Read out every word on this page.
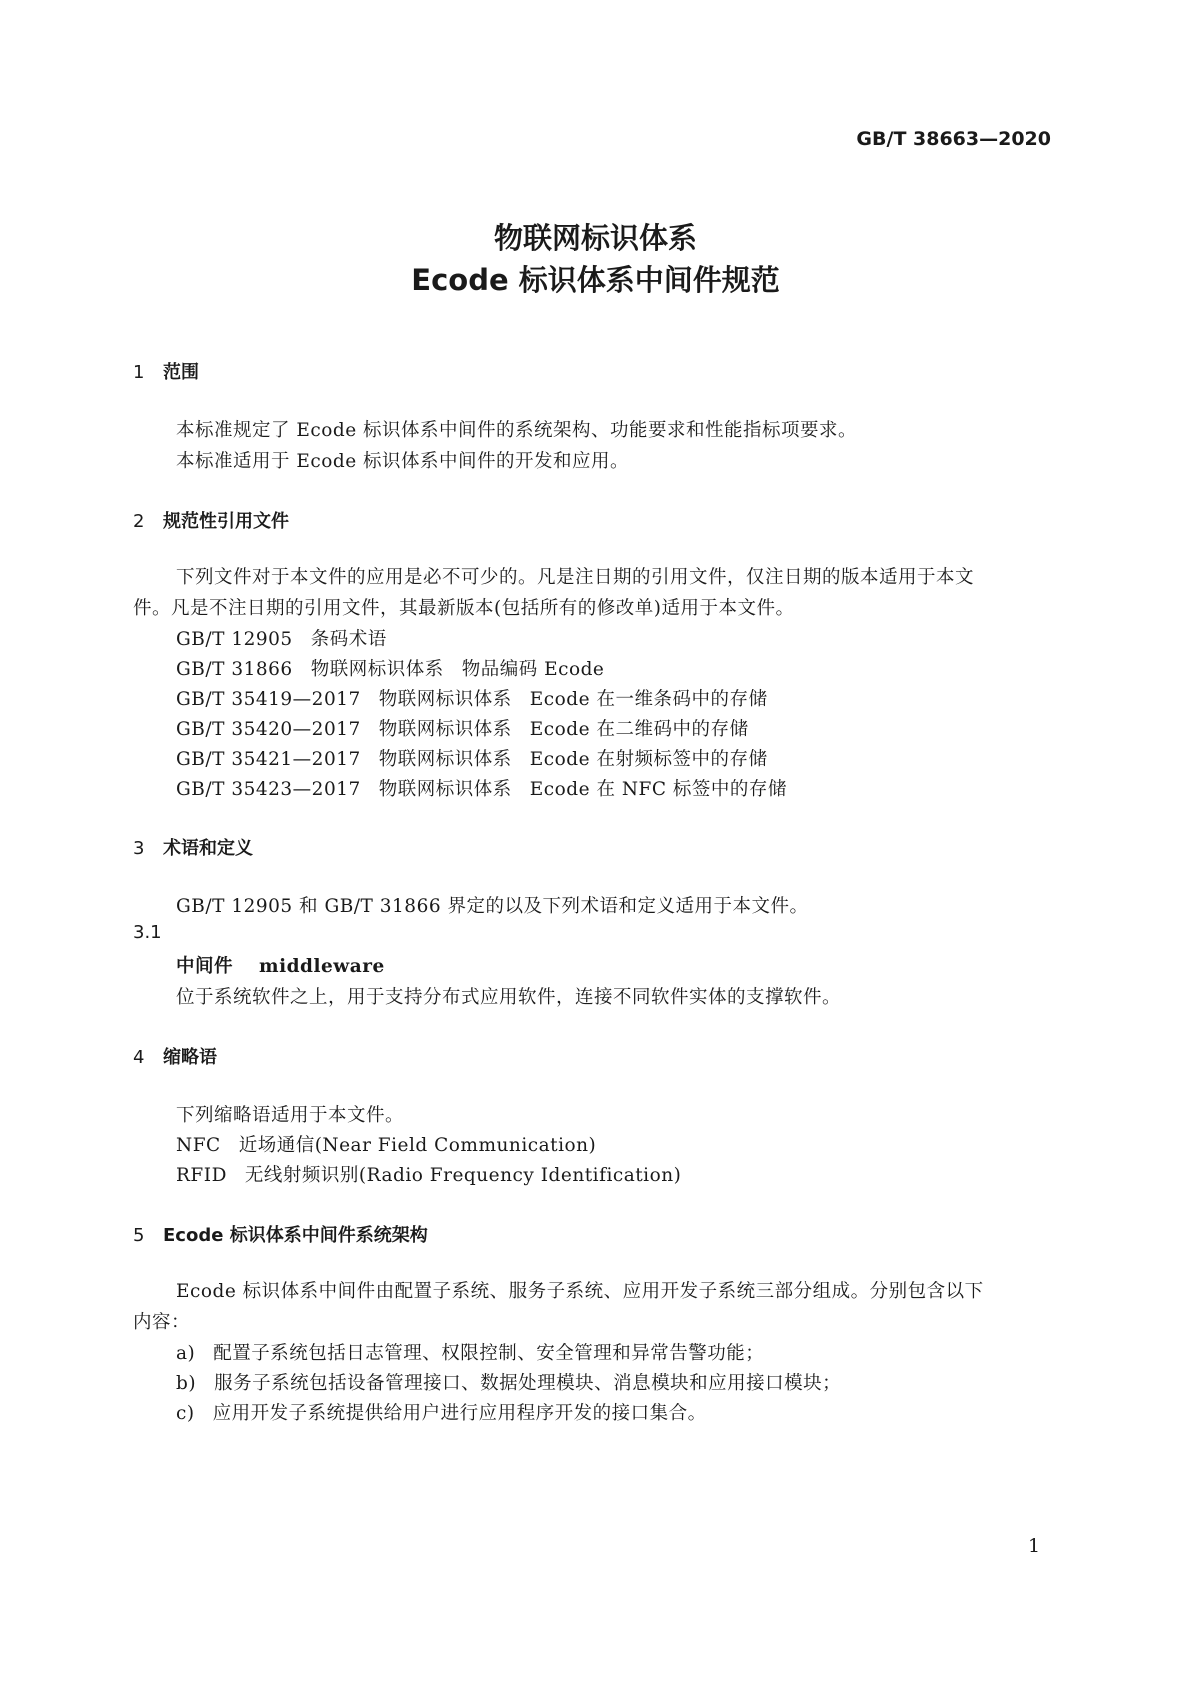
GB/T 38663—2020
物联网标识体系
Ecode 标识体系中间件规范
1 范围
本标准规定了 Ecode 标识体系中间件的系统架构、功能要求和性能指标项要求。
本标准适用于 Ecode 标识体系中间件的开发和应用。
2 规范性引用文件
下列文件对于本文件的应用是必不可少的。凡是注日期的引用文件，仅注日期的版本适用于本文
件。凡是不注日期的引用文件，其最新版本(包括所有的修改单)适用于本文件。
GB/T 12905 条码术语
GB/T 31866 物联网标识体系 物品编码 Ecode
GB/T 35419—2017 物联网标识体系 Ecode 在一维条码中的存储
GB/T 35420—2017 物联网标识体系 Ecode 在二维码中的存储
GB/T 35421—2017 物联网标识体系 Ecode 在射频标签中的存储
GB/T 35423—2017 物联网标识体系 Ecode 在 NFC 标签中的存储
3 术语和定义
GB/T 12905 和 GB/T 31866 界定的以及下列术语和定义适用于本文件。
3.1
中间件 middleware
位于系统软件之上，用于支持分布式应用软件，连接不同软件实体的支撑软件。
4 缩略语
下列缩略语适用于本文件。
NFC 近场通信(Near Field Communication)
RFID 无线射频识别(Radio Frequency Identification)
5 Ecode 标识体系中间件系统架构
Ecode 标识体系中间件由配置子系统、服务子系统、应用开发子系统三部分组成。分别包含以下
内容：
a) 配置子系统包括日志管理、权限控制、安全管理和异常告警功能；
b) 服务子系统包括设备管理接口、数据处理模块、消息模块和应用接口模块；
c) 应用开发子系统提供给用户进行应用程序开发的接口集合。
1
